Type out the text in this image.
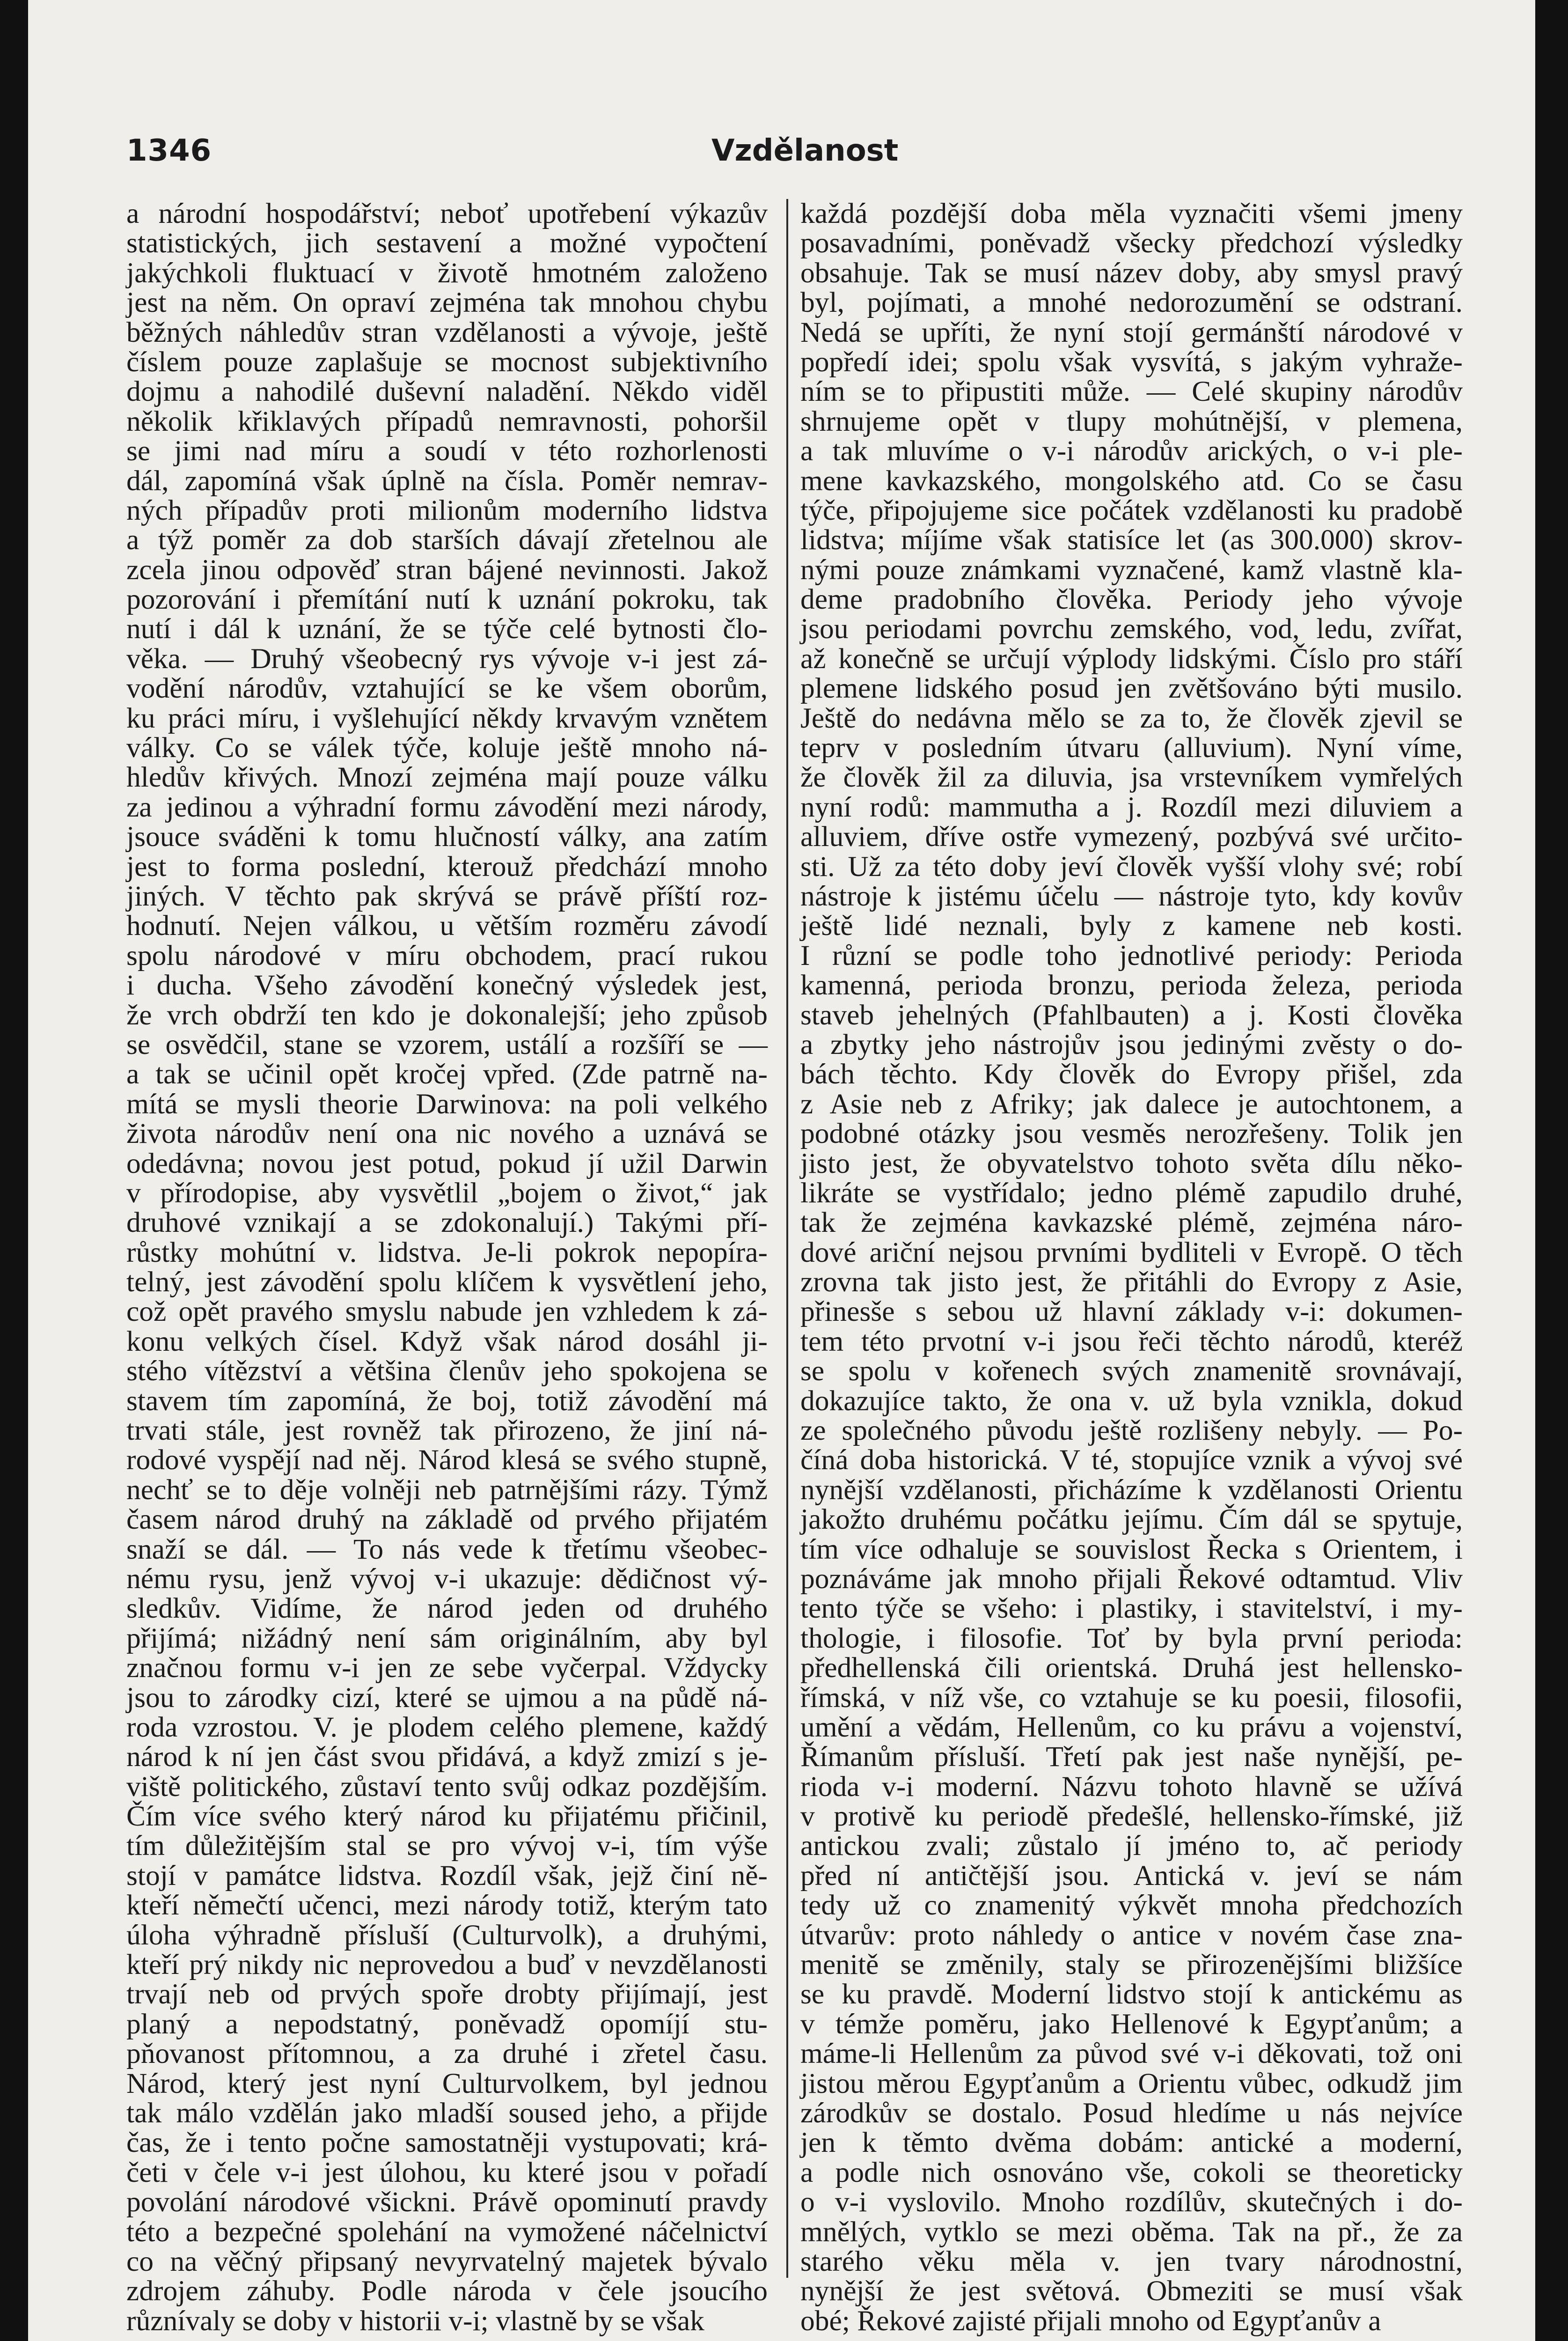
1346	Vzdělanost
a národní hospodářství; neboť upotřebení výkazův
statistických, jich sestavení a možné vypočtení
jakýchkoli fluktuací v životě hmotném založeno
jest na něm. On opraví zejména tak mnohou chybu
běžných náhledův stran vzdělanosti a vývoje, ještě
číslem pouze zaplašuje se mocnost subjektivního
dojmu a nahodilé duševní naladění. Někdo viděl
několik křiklavých případů nemravnosti, pohoršil
se jimi nad míru a soudí v této rozhorlenosti
dál, zapomíná však úplně na čísla. Poměr nemrav-
ných případův proti milionům moderního lidstva
a týž poměr za dob starších dávají zřetelnou ale
zcela jinou odpověď stran bájené nevinnosti. Jakož
pozorování i přemítání nutí k uznání pokroku, tak
nutí i dál k uznání, že se týče celé bytnosti člo-
věka. — Druhý všeobecný rys vývoje v-i jest zá-
vodění národův, vztahující se ke všem oborům,
ku práci míru, i vyšlehující někdy krvavým vznětem
války. Co se válek týče, koluje ještě mnoho ná-
hledův křivých. Mnozí zejména mají pouze válku
za jedinou a výhradní formu závodění mezi národy,
jsouce sváděni k tomu hlučností války, ana zatím
jest to forma poslední, kterouž předchází mnoho
jiných. V těchto pak skrývá se právě příští roz-
hodnutí. Nejen válkou, u větším rozměru závodí
spolu národové v míru obchodem, prací rukou
i ducha. Všeho závodění konečný výsledek jest,
že vrch obdrží ten kdo je dokonalejší; jeho způsob
se osvědčil, stane se vzorem, ustálí a rozšíří se —
a tak se učinil opět kročej vpřed. (Zde patrně na-
mítá se mysli theorie Darwinova: na poli velkého
života národův není ona nic nového a uznává se
odedávna; novou jest potud, pokud jí užil Darwin
v přírodopise, aby vysvětlil „bojem o život,“ jak
druhové vznikají a se zdokonalují.) Takými pří-
růstky mohútní v. lidstva. Je-li pokrok nepopíra-
telný, jest závodění spolu klíčem k vysvětlení jeho,
což opět pravého smyslu nabude jen vzhledem k zá-
konu velkých čísel. Když však národ dosáhl ji-
stého vítězství a většina členův jeho spokojena se
stavem tím zapomíná, že boj, totiž závodění má
trvati stále, jest rovněž tak přirozeno, že jiní ná-
rodové vyspějí nad něj. Národ klesá se svého stupně,
nechť se to děje volněji neb patrnějšími rázy. Týmž
časem národ druhý na základě od prvého přijatém
snaží se dál. — To nás vede k třetímu všeobec-
nému rysu, jenž vývoj v-i ukazuje: dědičnost vý-
sledkův. Vidíme, že národ jeden od druhého
přijímá; nižádný není sám originálním, aby byl
značnou formu v-i jen ze sebe vyčerpal. Vždycky
jsou to zárodky cizí, které se ujmou a na půdě ná-
roda vzrostou. V. je plodem celého plemene, každý
národ k ní jen část svou přidává, a když zmizí s je-
viště politického, zůstaví tento svůj odkaz pozdějším.
Čím více svého který národ ku přijatému přičinil,
tím důležitějším stal se pro vývoj v-i, tím výše
stojí v památce lidstva. Rozdíl však, jejž činí ně-
kteří němečtí učenci, mezi národy totiž, kterým tato
úloha výhradně přísluší (Culturvolk), a druhými,
kteří prý nikdy nic neprovedou a buď v nevzdělanosti
trvají neb od prvých spoře drobty přijímají, jest
planý a nepodstatný, poněvadž opomíjí stu-
pňovanost přítomnou, a za druhé i zřetel času.
Národ, který jest nyní Culturvolkem, byl jednou
tak málo vzdělán jako mladší soused jeho, a přijde
čas, že i tento počne samostatněji vystupovati; krá-
četi v čele v-i jest úlohou, ku které jsou v pořadí
povolání národové všickni. Právě opominutí pravdy
této a bezpečné spolehání na vymožené náčelnictví
co na věčný připsaný nevyrvatelný majetek bývalo
zdrojem záhuby. Podle národa v čele jsoucího
různívaly se doby v historii v-i; vlastně by se však
každá pozdější doba měla vyznačiti všemi jmeny
posavadními, poněvadž všecky předchozí výsledky
obsahuje. Tak se musí název doby, aby smysl pravý
byl, pojímati, a mnohé nedorozumění se odstraní.
Nedá se upříti, že nyní stojí germánští národové v
popředí idei; spolu však vysvítá, s jakým vyhraže-
ním se to připustiti může. — Celé skupiny národův
shrnujeme opět v tlupy mohútnější, v plemena,
a tak mluvíme o v-i národův arických, o v-i ple-
mene kavkazského, mongolského atd. Co se času
týče, připojujeme sice počátek vzdělanosti ku pradobě
lidstva; míjíme však statisíce let (as 300.000) skrov-
nými pouze známkami vyznačené, kamž vlastně kla-
deme pradobního člověka. Periody jeho vývoje
jsou periodami povrchu zemského, vod, ledu, zvířat,
až konečně se určují výplody lidskými. Číslo pro stáří
plemene lidského posud jen zvětšováno býti musilo.
Ještě do nedávna mělo se za to, že člověk zjevil se
teprv v posledním útvaru (alluvium). Nyní víme,
že člověk žil za diluvia, jsa vrstevníkem vymřelých
nyní rodů: mammutha a j. Rozdíl mezi diluviem a
alluviem, dříve ostře vymezený, pozbývá své určito-
sti. Už za této doby jeví člověk vyšší vlohy své; robí
nástroje k jistému účelu — nástroje tyto, kdy kovův
ještě lidé neznali, byly z kamene neb kosti.
I různí se podle toho jednotlivé periody: Perioda
kamenná, perioda bronzu, perioda železa, perioda
staveb jehelných (Pfahlbauten) a j. Kosti člověka
a zbytky jeho nástrojův jsou jedinými zvěsty o do-
bách těchto. Kdy člověk do Evropy přišel, zda
z Asie neb z Afriky; jak dalece je autochtonem, a
podobné otázky jsou vesměs nerozřešeny. Tolik jen
jisto jest, že obyvatelstvo tohoto světa dílu něko-
likráte se vystřídalo; jedno plémě zapudilo druhé,
tak že zejména kavkazské plémě, zejména náro-
dové ariční nejsou prvními bydliteli v Evropě. O těch
zrovna tak jisto jest, že přitáhli do Evropy z Asie,
přinesše s sebou už hlavní základy v-i: dokumen-
tem této prvotní v-i jsou řeči těchto národů, kteréž
se spolu v kořenech svých znamenitě srovnávají,
dokazujíce takto, že ona v. už byla vznikla, dokud
ze společného původu ještě rozlišeny nebyly. — Po-
číná doba historická. V té, stopujíce vznik a vývoj své
nynější vzdělanosti, přicházíme k vzdělanosti Orientu
jakožto druhému počátku jejímu. Čím dál se spytuje,
tím více odhaluje se souvislost Řecka s Orientem, i
poznáváme jak mnoho přijali Řekové odtamtud. Vliv
tento týče se všeho: i plastiky, i stavitelství, i my-
thologie, i filosofie. Toť by byla první perioda:
předhellenská čili orientská. Druhá jest hellensko-
římská, v níž vše, co vztahuje se ku poesii, filosofii,
umění a vědám, Hellenům, co ku právu a vojenství,
Římanům přísluší. Třetí pak jest naše nynější, pe-
rioda v-i moderní. Názvu tohoto hlavně se užívá
v protivě ku periodě předešlé, hellensko-římské, již
antickou zvali; zůstalo jí jméno to, ač periody
před ní antičtější jsou. Antická v. jeví se nám
tedy už co znamenitý výkvět mnoha předchozích
útvarův: proto náhledy o antice v novém čase zna-
menitě se změnily, staly se přirozenějšími bližšíce
se ku pravdě. Moderní lidstvo stojí k antickému as
v témže poměru, jako Hellenové k Egypťanům; a
máme-li Hellenům za původ své v-i děkovati, tož oni
jistou měrou Egypťanům a Orientu vůbec, odkudž jim
zárodkův se dostalo. Posud hledíme u nás nejvíce
jen k těmto dvěma dobám: antické a moderní,
a podle nich osnováno vše, cokoli se theoreticky
o v-i vyslovilo. Mnoho rozdílův, skutečných i do-
mnělých, vytklo se mezi oběma. Tak na př., že za
starého věku měla v. jen tvary národnostní,
nynější že jest světová. Obmeziti se musí však
obé; Řekové zajisté přijali mnoho od Egypťanův a
